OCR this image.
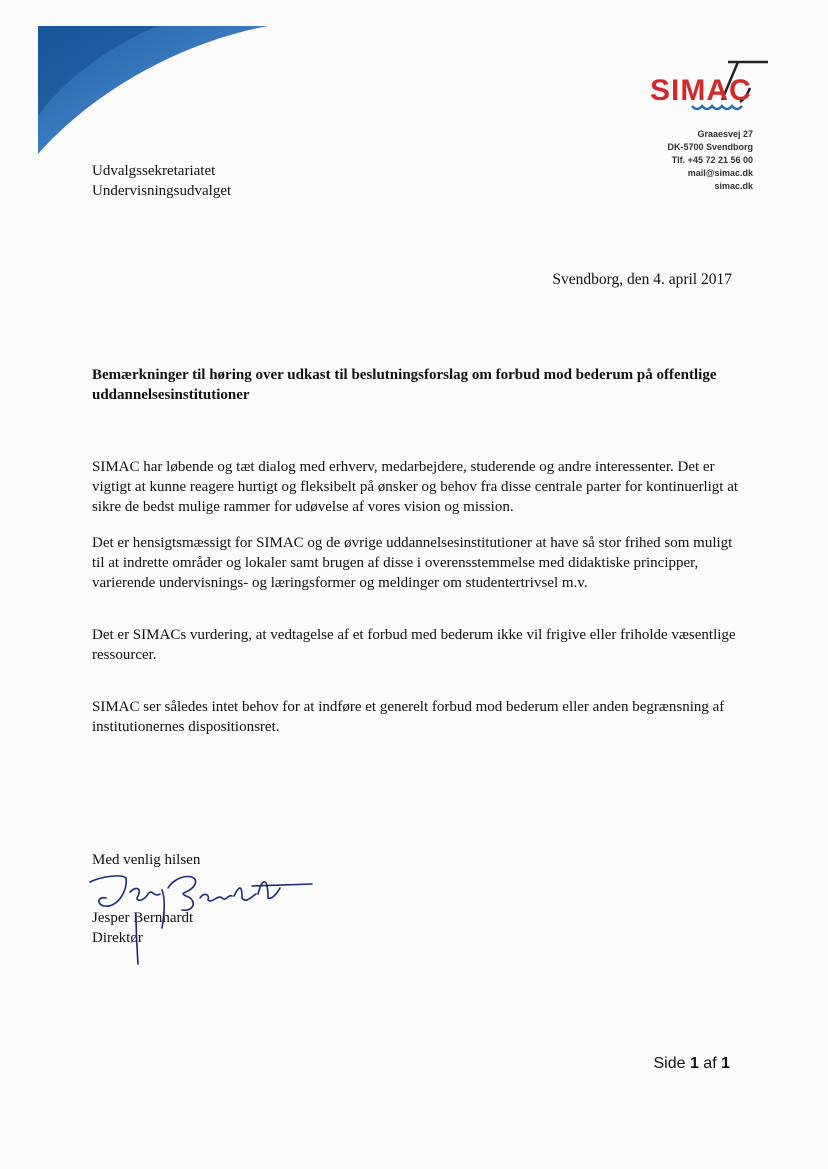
SIMAC
Graaesvej 27
DK-5700 Svendborg
Tlf. +45 72 21 56 00
mail@simac.dk
simac.dk
Udvalgssekretariatet
Undervisningsudvalget
Svendborg, den 4. april 2017
Bemærkninger til høring over udkast til beslutningsforslag om forbud mod bederum på offentlige uddannelsesinstitutioner
SIMAC har løbende og tæt dialog med erhverv, medarbejdere, studerende og andre interessenter. Det er vigtigt at kunne reagere hurtigt og fleksibelt på ønsker og behov fra disse centrale parter for kontinuerligt at sikre de bedst mulige rammer for udøvelse af vores vision og mission.
Det er hensigtsmæssigt for SIMAC og de øvrige uddannelsesinstitutioner at have så stor frihed som muligt til at indrette områder og lokaler samt brugen af disse i overensstemmelse med didaktiske principper, varierende undervisnings- og læringsformer og meldinger om studentertrivsel m.v.
Det er SIMACs vurdering, at vedtagelse af et forbud med bederum ikke vil frigive eller friholde væsentlige ressourcer.
SIMAC ser således intet behov for at indføre et generelt forbud mod bederum eller anden begrænsning af institutionernes dispositionsret.
Med venlig hilsen
Jesper Bernhardt
Direktør
Side 1 af 1
